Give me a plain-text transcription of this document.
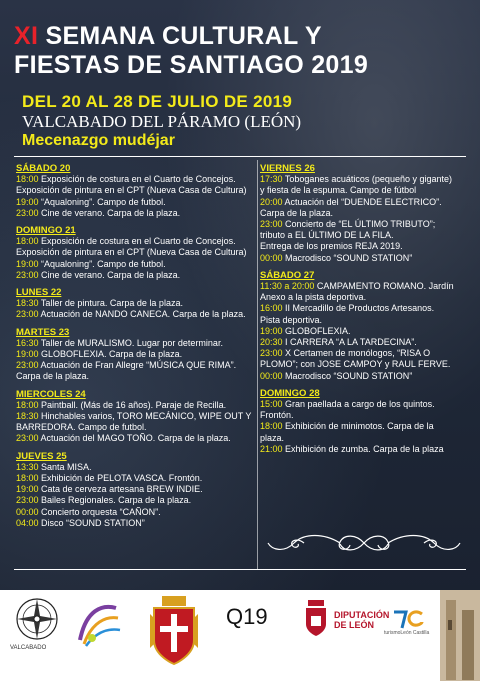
XI SEMANA CULTURAL Y
FIESTAS DE SANTIAGO 2019
DEL 20 AL 28 DE JULIO DE 2019
VALCABADO DEL PÁRAMO (LEÓN)
Mecenazgo mudéjar
SÁBADO 20
18:00 Exposición de costura en el Cuarto de Concejos.
Exposición de pintura en el CPT (Nueva Casa de Cultura)
19:00 “Aqualoning”. Campo de futbol.
23:00 Cine de verano. Carpa de la plaza.
DOMINGO 21
18:00 Exposición de costura en el Cuarto de Concejos.
Exposición de pintura en el CPT (Nueva Casa de Cultura)
19:00 “Aqualoning”. Campo de futbol.
23:00 Cine de verano. Carpa de la plaza.
LUNES 22
18:30 Taller de pintura. Carpa de la plaza.
23:00 Actuación de NANDO CANECA. Carpa de la plaza.
MARTES 23
16:30 Taller de MURALISMO. Lugar por determinar.
19:00 GLOBOFLEXIA. Carpa de la plaza.
23:00 Actuación de Fran Allegre “MÚSICA QUE RIMA”.
Carpa de la plaza.
MIERCOLES 24
18:00 Paintball. (Más de 16 años). Paraje de Recilla.
18:30 Hinchables varios, TORO MECÁNICO, WIPE OUT Y
BARREDORA. Campo de futbol.
23:00 Actuación del MAGO TOÑO. Carpa de la plaza.
JUEVES 25
13:30 Santa MISA.
18:00 Exhibición de PELOTA VASCA. Frontón.
19:00 Cata de cerveza artesana BREW INDIE.
23:00 Bailes Regionales. Carpa de la plaza.
00:00 Concierto orquesta “CAÑON”.
04:00 Disco “SOUND STATION”
VIERNES 26
17:30 Toboganes acuáticos (pequeño y gigante)
y fiesta de la espuma. Campo de fútbol
20:00 Actuación del “DUENDE ELECTRICO”.
Carpa de la plaza.
23:00 Concierto de “EL ÚLTIMO TRIBUTO”;
tributo a EL ÚLTIMO DE LA FILA.
Entrega de los premios REJA 2019.
00:00 Macrodisco “SOUND STATION”
SÁBADO 27
11:30 a 20:00 CAMPAMENTO ROMANO. Jardín
Anexo a la pista deportiva.
16:00 II Mercadillo de Productos Artesanos.
Pista deportiva.
19:00 GLOBOFLEXIA.
20:30 I CARRERA “A LA TARDECINA”.
23:00 X Certamen de monólogos, “RISA O
PLOMO”; con JOSE CAMPOY y RAUL FERVE.
00:00 Macrodisco “SOUND STATION”
DOMINGO 28
15:00 Gran paellada a cargo de los quintos.
Frontón.
18:00 Exhibición de minimotos. Carpa de la
plaza.
21:00 Exhibición de zumba. Carpa de la plaza
VALCABADO
Q19	DIPUTACIÓN
DE LEÓN
turismoLeón Castilla
